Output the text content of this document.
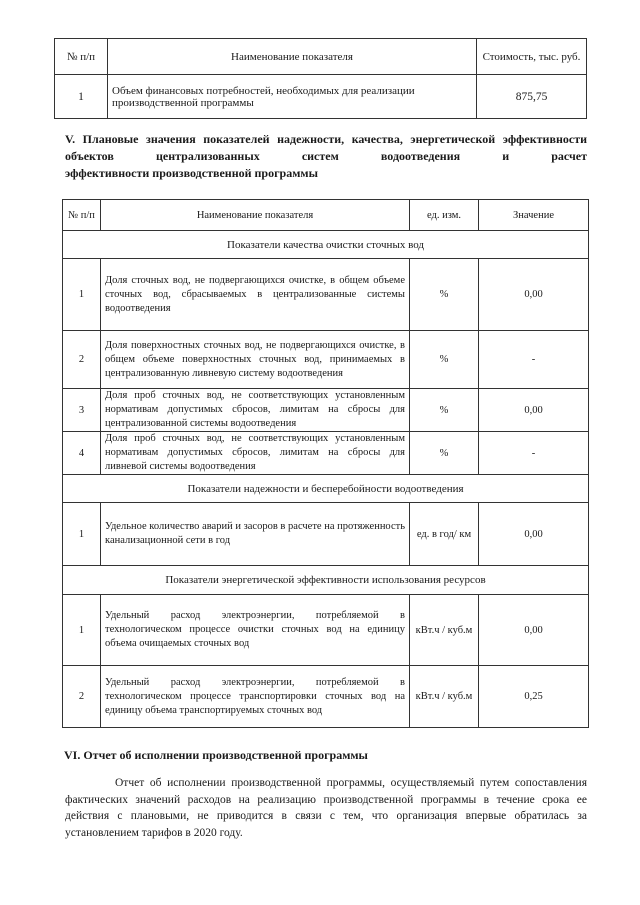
№ п/п	Наименование показателя	Стоимость, тыс. руб.
1	Объем финансовых потребностей, необходимых для реализации производственной программы	875,75

V. Плановые значения показателей надежности, качества, энергетической эффективности объектов централизованных систем водоотведения и расчет
эффективности производственной программы

№ п/п	Наименование показателя	ед. изм.	Значение
Показатели качества очистки сточных вод			
1	Доля сточных вод, не подвергающихся очистке, в общем объеме сточных вод, сбрасываемых в централизованные системы водоотведения	%	0,00
2	Доля поверхностных сточных вод, не подвергающихся очистке, в общем объеме поверхностных сточных вод, принимаемых в централизованную ливневую систему водоотведения	%	-
3	Доля проб сточных вод, не соответствующих установленным нормативам допустимых сбросов, лимитам на сбросы для централизованной системы водоотведения	%	0,00
4	Доля проб сточных вод, не соответствующих установленным нормативам допустимых сбросов, лимитам на сбросы для ливневой системы водоотведения	%	-
Показатели надежности и бесперебойности водоотведения			
1	Удельное количество аварий и засоров в расчете на протяженность канализационной сети в год	ед. в год/ км	0,00
Показатели энергетической эффективности использования ресурсов			
1	Удельный расход электроэнергии, потребляемой в технологическом процессе очистки сточных вод на единицу объема очищаемых сточных вод	кВт.ч / куб.м	0,00
2	Удельный расход электроэнергии, потребляемой в технологическом процессе транспортировки сточных вод на единицу объема транспортируемых сточных вод	кВт.ч / куб.м	0,25

VI. Отчет об исполнении производственной программы

Отчет об исполнении производственной программы, осуществляемый путем сопоставления фактических значений расходов на реализацию производственной программы в течение срока ее действия с плановыми, не приводится в связи с тем, что организация впервые обратилась за установлением тарифов в 2020 году.
